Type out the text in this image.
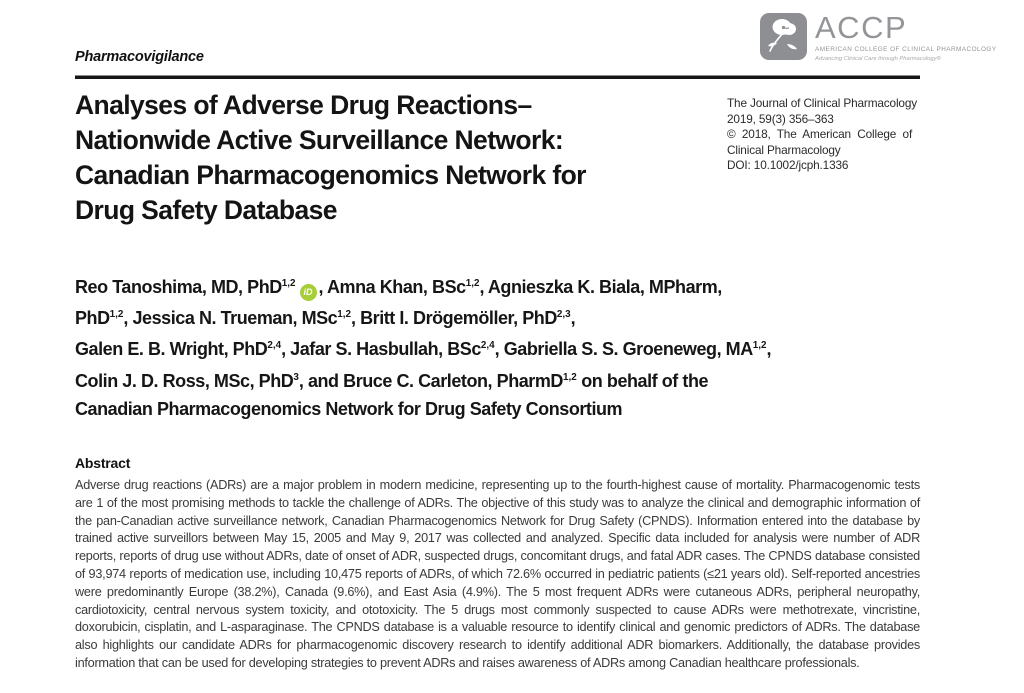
Pharmacovigilance
ACCP
AMERICAN COLLEGE OF CLINICAL PHARMACOLOGY
Advancing Clinical Care through Pharmacology®
Analyses of Adverse Drug Reactions–
Nationwide Active Surveillance Network:
Canadian Pharmacogenomics Network for
Drug Safety Database
The Journal of Clinical Pharmacology
2019, 59(3) 356–363
© 2018, The American College of
Clinical Pharmacology
DOI: 10.1002/jcph.1336
Reo Tanoshima, MD, PhD$^{1,2}$iD , Amna Khan, BSc$^{1,2}$, Agnieszka K. Biala, MPharm,
PhD$^{1,2}$, Jessica N. Trueman, MSc$^{1,2}$, Britt I. Drögemöller, PhD$^{2,3}$,
Galen E. B. Wright, PhD$^{2,4}$, Jafar S. Hasbullah, BSc$^{2,4}$, Gabriella S. S. Groeneweg, MA$^{1,2}$,
Colin J. D. Ross, MSc, PhD$^3$, and Bruce C. Carleton, PharmD$^{1,2}$ on behalf of the
Canadian Pharmacogenomics Network for Drug Safety Consortium
Abstract

Adverse drug reactions (ADRs) are a major problem in modern medicine, representing up to the fourth-highest cause of mortality. Pharmacogenomic tests are 1 of the most promising methods to tackle the challenge of ADRs. The objective of this study was to analyze the clinical and demographic information of the pan-Canadian active surveillance network, Canadian Pharmacogenomics Network for Drug Safety (CPNDS). Information entered into the database by trained active surveillors between May 15, 2005 and May 9, 2017 was collected and analyzed. Specific data included for analysis were number of ADR reports, reports of drug use without ADRs, date of onset of ADR, suspected drugs, concomitant drugs, and fatal ADR cases. The CPNDS database consisted of 93,974 reports of medication use, including 10,475 reports of ADRs, of which 72.6% occurred in pediatric patients (≤21 years old). Self-reported ancestries were predominantly Europe (38.2%), Canada (9.6%), and East Asia (4.9%). The 5 most frequent ADRs were cutaneous ADRs, peripheral neuropathy, cardiotoxicity, central nervous system toxicity, and ototoxicity. The 5 drugs most commonly suspected to cause ADRs were methotrexate, vincristine, doxorubicin, cisplatin, and L-asparaginase. The CPNDS database is a valuable resource to identify clinical and genomic predictors of ADRs. The database also highlights our candidate ADRs for pharmacogenomic discovery research to identify additional ADR biomarkers. Additionally, the database provides information that can be used for developing strategies to prevent ADRs and raises awareness of ADRs among Canadian healthcare professionals.
